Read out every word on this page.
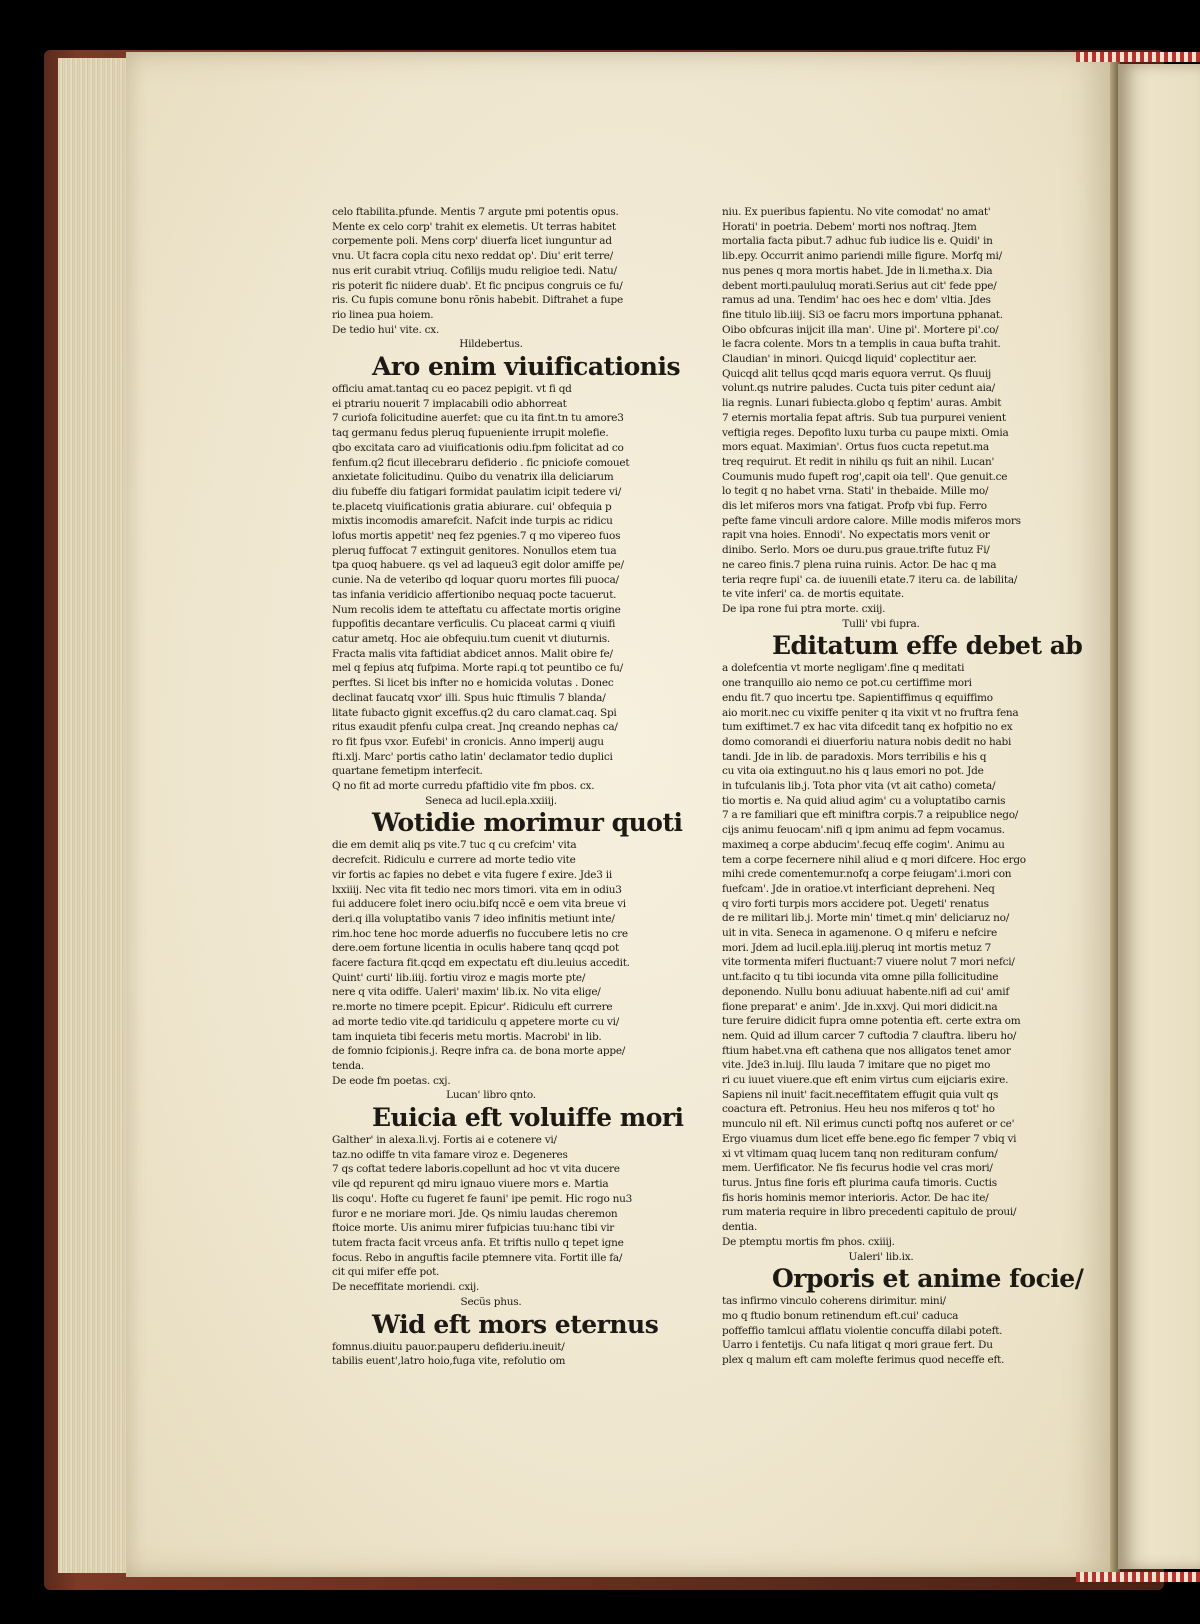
celo ftabilita.pfunde. Mentis 7 argute pmi potentis opus.
Mente ex celo corp' trahit ex elemetis. Ut terras habitet
corpemente poli. Mens corp' diuerfa licet iunguntur ad
vnu. Ut facra copla citu nexo reddat op'. Diu' erit terre/
nus erit curabit vtriuq. Cofilijs mudu religioe tedi. Natu/
ris poterit fic niidere duab'. Et fic pncipus congruis ce fu/
ris. Cu fupis comune bonu rõnis habebit. Diftrahet a fupe
rio linea pua hoiem.
De tedio hui' vite. cx.
Hildebertus.
Aro enim viuificationis
officiu amat.tantaq cu eo pacez pepigit. vt fi qd
ei ptrariu nouerit 7 implacabili odio abhorreat
7 curiofa folicitudine auerfet: que cu ita fint.tn tu amore3
taq germanu fedus pleruq fupueniente irrupit molefie.
qbo excitata caro ad viuificationis odiu.fpm folicitat ad co
fenfum.q2 ficut illecebraru defiderio . fic pniciofe comouet
anxietate folicitudinu. Quibo du venatrix illa deliciarum
diu fubeffe diu fatigari formidat paulatim icipit tedere vi/
te.placetq viuificationis gratia abiurare. cui' obfequia p
mixtis incomodis amarefcit. Nafcit inde turpis ac ridicu
lofus mortis appetit' neq fez pgenies.7 q mo vipereo fuos
pleruq fuffocat 7 extinguit genitores. Nonullos etem tua
tpa quoq habuere. qs vel ad laqueu3 egit dolor amiffe pe/
cunie. Na de veteribo qd loquar quoru mortes fili puoca/
tas infania veridicio affertionibo nequaq pocte tacuerut.
Num recolis idem te atteftatu cu affectate mortis origine
fuppofitis decantare verficulis. Cu placeat carmi q viuifi
catur ametq. Hoc aie obfequiu.tum cuenit vt diuturnis.
Fracta malis vita faftidiat abdicet annos. Malit obire fe/
mel q fepius atq fufpima. Morte rapi.q tot peuntibo ce fu/
perftes. Si licet bis infter no e homicida volutas . Donec
declinat faucatq vxor' illi. Spus huic ftimulis 7 blanda/
litate fubacto gignit exceffus.q2 du caro clamat.caq. Spi
ritus exaudit pfenfu culpa creat. Jnq creando nephas ca/
ro fit fpus vxor. Eufebi' in cronicis. Anno imperij augu
fti.xlj. Marc' portis catho latin' declamator tedio duplici
quartane femetipm interfecit.
Q no fit ad morte curredu pfaftidio vite fm pbos. cx.
Seneca ad lucil.epla.xxiiij.
Wotidie morimur quoti
die em demit aliq ps vite.7 tuc q cu crefcim' vita
decrefcit. Ridiculu e currere ad morte tedio vite
vir fortis ac fapies no debet e vita fugere f exire. Jde3 ii
lxxiiij. Nec vita fit tedio nec mors timori. vita em in odiu3
fui adducere folet inero ociu.bifq nccẽ e oem vita breue vi
deri.q illa voluptatibo vanis 7 ideo infinitis metiunt inte/
rim.hoc tene hoc morde aduerfis no fuccubere letis no cre
dere.oem fortune licentia in oculis habere tanq qcqd pot
facere factura fit.qcqd em expectatu eft diu.leuius accedit.
Quint' curti' lib.iiij. fortiu viroz e magis morte pte/
nere q vita odiffe. Ualeri' maxim' lib.ix. No vita elige/
re.morte no timere pcepit. Epicur'. Ridiculu eft currere
ad morte tedio vite.qd taridiculu q appetere morte cu vi/
tam inquieta tibi feceris metu mortis. Macrobi' in lib.
de fomnio fcipionis.j. Reqre infra ca. de bona morte appe/
tenda.
De eode fm poetas. cxj.
Lucan' libro qnto.
Euicia eft voluiffe mori
Galther' in alexa.li.vj. Fortis ai e cotenere vi/
taz.no odiffe tn vita famare viroz e. Degeneres
7 qs coftat tedere laboris.copellunt ad hoc vt vita ducere
vile qd repurent qd miru ignauo viuere mors e. Martia
lis coqu'. Hofte cu fugeret fe fauni' ipe pemit. Hic rogo nu3
furor e ne moriare mori. Jde. Qs nimiu laudas cheremon
ftoice morte. Uis animu mirer fufpicias tuu:hanc tibi vir
tutem fracta facit vrceus anfa. Et triftis nullo q tepet igne
focus. Rebo in anguftis facile ptemnere vita. Fortit ille fa/
cit qui mifer effe pot.
De neceffitate moriendi. cxij.
Secũs phus.
Wid eft mors eternus
fomnus.diuitu pauor.pauperu defideriu.ineuit/
tabilis euent',latro hoio,fuga vite, refolutio om
niu. Ex pueribus fapientu. No vite comodat' no amat'
Horati' in poetria. Debem' morti nos noftraq. Jtem
mortalia facta pibut.7 adhuc fub iudice lis e. Quidi' in
lib.epy. Occurrit animo pariendi mille figure. Morfq mi/
nus penes q mora mortis habet. Jde in li.metha.x. Dia
debent morti.paululuq morati.Serius aut cit' fede ppe/
ramus ad una. Tendim' hac oes hec e dom' vltia. Jdes
fine titulo lib.iiij. Si3 oe facru mors importuna pphanat.
Oibo obfcuras inijcit illa man'. Uine pi'. Mortere pi'.co/
le facra colente. Mors tn a templis in caua bufta trahit.
Claudian' in minori. Quicqd liquid' coplectitur aer.
Quicqd alit tellus qcqd maris equora verrut. Qs fluuij
volunt.qs nutrire paludes. Cucta tuis piter cedunt aia/
lia regnis. Lunari fubiecta.globo q feptim' auras. Ambit
7 eternis mortalia fepat aftris. Sub tua purpurei venient
veftigia reges. Depofito luxu turba cu paupe mixti. Omia
mors equat. Maximian'. Ortus fuos cucta repetut.ma
treq requirut. Et redit in nihilu qs fuit an nihil. Lucan'
Coumunis mudo fupeft rog',capit oia tell'. Que genuit.ce
lo tegit q no habet vrna. Stati' in thebaide. Mille mo/
dis let miferos mors vna fatigat. Profp vbi fup. Ferro
pefte fame vinculi ardore calore. Mille modis miferos mors
rapit vna hoies. Ennodi'. No expectatis mors venit or
dinibo. Serlo. Mors oe duru.pus graue.trifte futuz Fi/
ne careo finis.7 plena ruina ruinis. Actor. De hac q ma
teria reqre fupi' ca. de iuuenili etate.7 iteru ca. de labilita/
te vite inferi' ca. de mortis equitate.
De ipa rone fui ptra morte. cxiij.
Tulli' vbi fupra.
Editatum effe debet ab
a dolefcentia vt morte negligam'.fine q meditati
one tranquillo aio nemo ce pot.cu certiffime mori
endu fit.7 quo incertu tpe. Sapientiffimus q equiffimo
aio morit.nec cu vixiffe peniter q ita vixit vt no fruftra fena
tum exiftimet.7 ex hac vita difcedit tanq ex hofpitio no ex
domo comorandi ei diuerforiu natura nobis dedit no habi
tandi. Jde in lib. de paradoxis. Mors terribilis e his q
cu vita oia extinguut.no his q laus emori no pot. Jde
in tufculanis lib.j. Tota phor vita (vt ait catho) cometa/
tio mortis e. Na quid aliud agim' cu a voluptatibo carnis
7 a re familiari que eft miniftra corpis.7 a reipublice nego/
cijs animu feuocam'.nifi q ipm animu ad fepm vocamus.
maximeq a corpe abducim'.fecuq effe cogim'. Animu au
tem a corpe fecernere nihil aliud e q mori difcere. Hoc ergo
mihi crede comentemur.nofq a corpe feiugam'.i.mori con
fuefcam'. Jde in oratioe.vt interficiant depreheni. Neq
q viro forti turpis mors accidere pot. Uegeti' renatus
de re militari lib.j. Morte min' timet.q min' deliciaruz no/
uit in vita. Seneca in agamenone. O q miferu e nefcire
mori. Jdem ad lucil.epla.iiij.pleruq int mortis metuz 7
vite tormenta miferi fluctuant:7 viuere nolut 7 mori nefci/
unt.facito q tu tibi iocunda vita omne pilla follicitudine
deponendo. Nullu bonu adiuuat habente.nifi ad cui' amif
fione preparat' e anim'. Jde in.xxvj. Qui mori didicit.na
ture feruire didicit fupra omne potentia eft. certe extra om
nem. Quid ad illum carcer 7 cuftodia 7 clauftra. liberu ho/
ftium habet.vna eft cathena que nos alligatos tenet amor
vite. Jde3 in.luij. Illu lauda 7 imitare que no piget mo
ri cu iuuet viuere.que eft enim virtus cum eijciaris exire.
Sapiens nil inuit' facit.neceffitatem effugit quia vult qs
coactura eft. Petronius. Heu heu nos miferos q tot' ho
munculo nil eft. Nil erimus cuncti poftq nos auferet or ce'
Ergo viuamus dum licet effe bene.ego fic femper 7 vbiq vi
xi vt vltimam quaq lucem tanq non redituram confum/
mem. Uerfificator. Ne fis fecurus hodie vel cras mori/
turus. Jntus fine foris eft plurima caufa timoris. Cuctis
fis horis hominis memor interioris. Actor. De hac ite/
rum materia require in libro precedenti capitulo de proui/
dentia.
De ptemptu mortis fm phos. cxiiij.
Ualeri' lib.ix.
Orporis et anime focie/
tas infirmo vinculo coherens dirimitur. mini/
mo q ftudio bonum retinendum eft.cui' caduca
poffeffio tamlcui afflatu violentie concuffa dilabi poteft.
Uarro i fentetijs. Cu nafa litigat q mori graue fert. Du
plex q malum eft cam molefte ferimus quod neceffe eft.
